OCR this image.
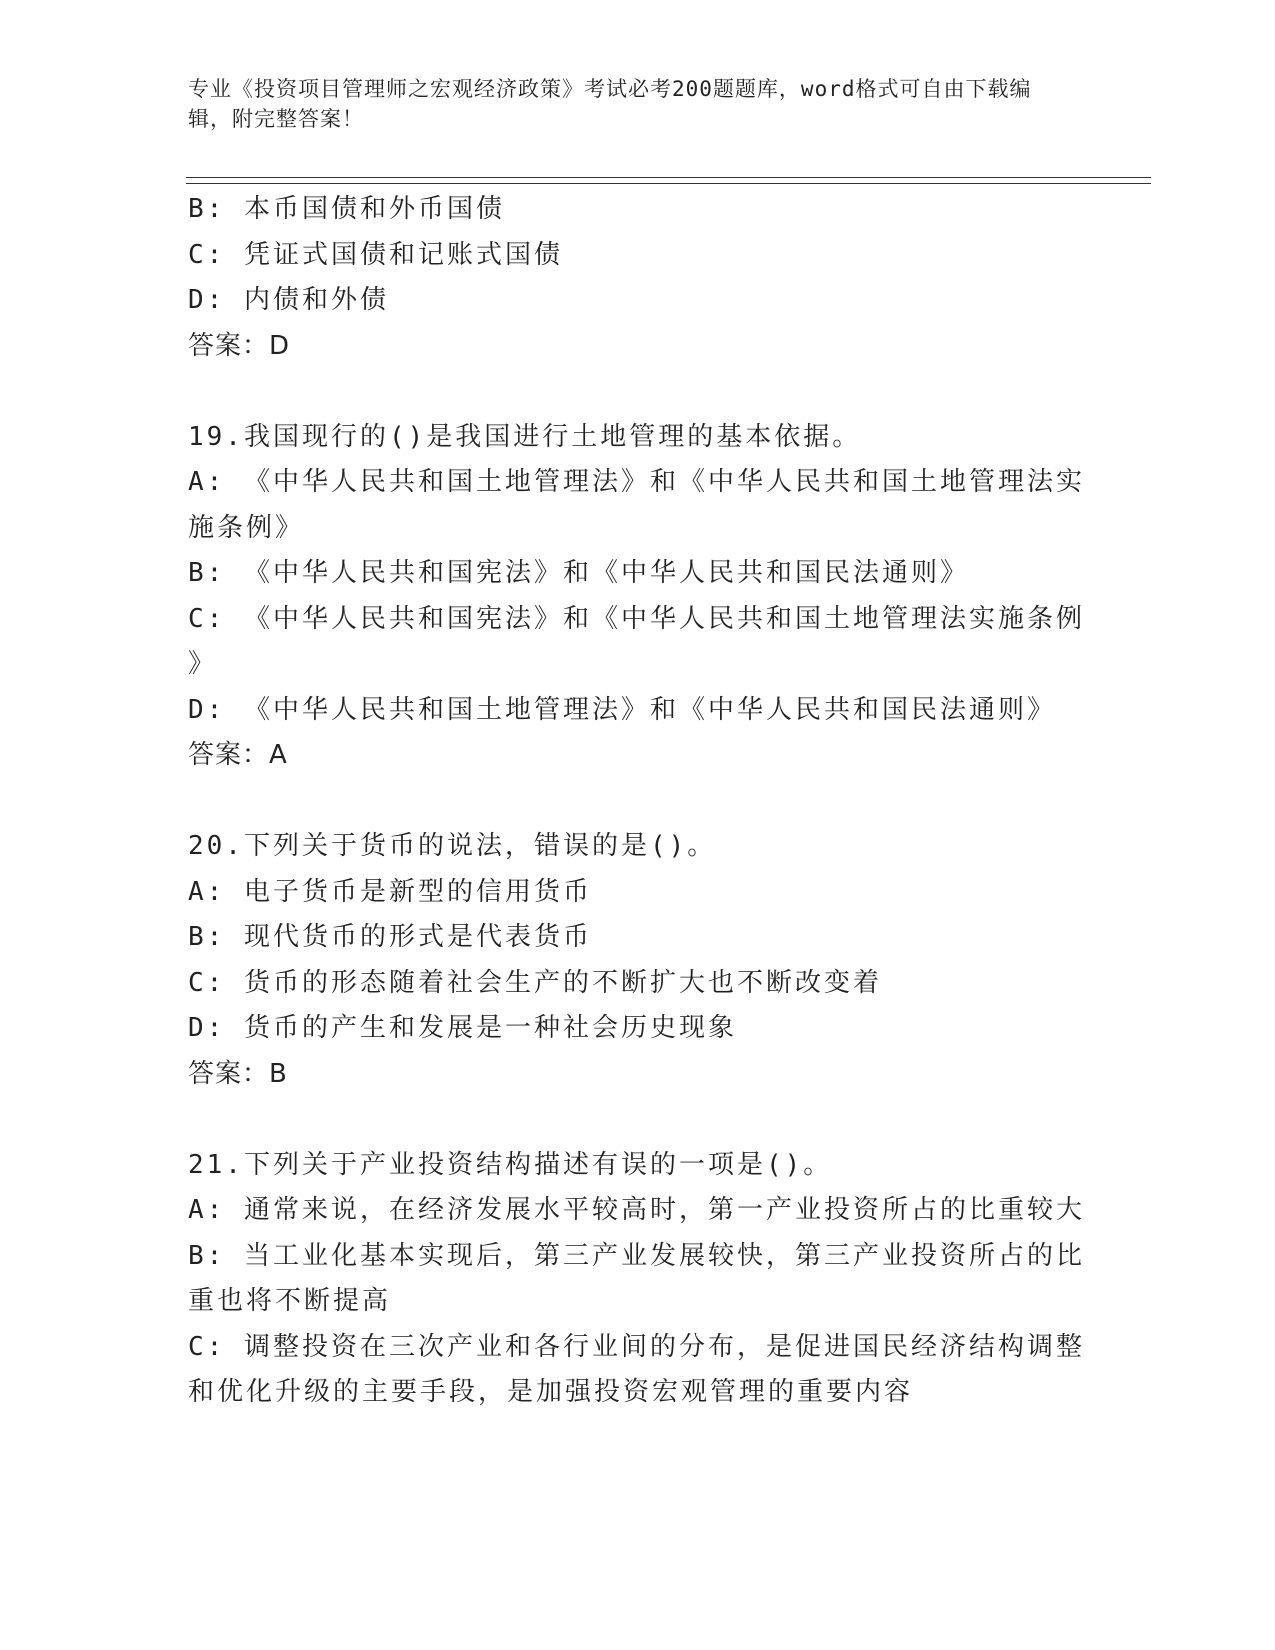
专业《投资项目管理师之宏观经济政策》考试必考200题题库，word格式可自由下载编辑，附完整答案！
B: 本币国债和外币国债
C: 凭证式国债和记账式国债
D: 内债和外债
答案：D
19.我国现行的()是我国进行土地管理的基本依据。
A: 《中华人民共和国土地管理法》和《中华人民共和国土地管理法实
施条例》
B: 《中华人民共和国宪法》和《中华人民共和国民法通则》
C: 《中华人民共和国宪法》和《中华人民共和国土地管理法实施条例
》
D: 《中华人民共和国土地管理法》和《中华人民共和国民法通则》
答案：A
20.下列关于货币的说法，错误的是()。
A: 电子货币是新型的信用货币
B: 现代货币的形式是代表货币
C: 货币的形态随着社会生产的不断扩大也不断改变着
D: 货币的产生和发展是一种社会历史现象
答案：B
21.下列关于产业投资结构描述有误的一项是()。
A: 通常来说，在经济发展水平较高时，第一产业投资所占的比重较大
B: 当工业化基本实现后，第三产业发展较快，第三产业投资所占的比
重也将不断提高
C: 调整投资在三次产业和各行业间的分布，是促进国民经济结构调整
和优化升级的主要手段，是加强投资宏观管理的重要内容
